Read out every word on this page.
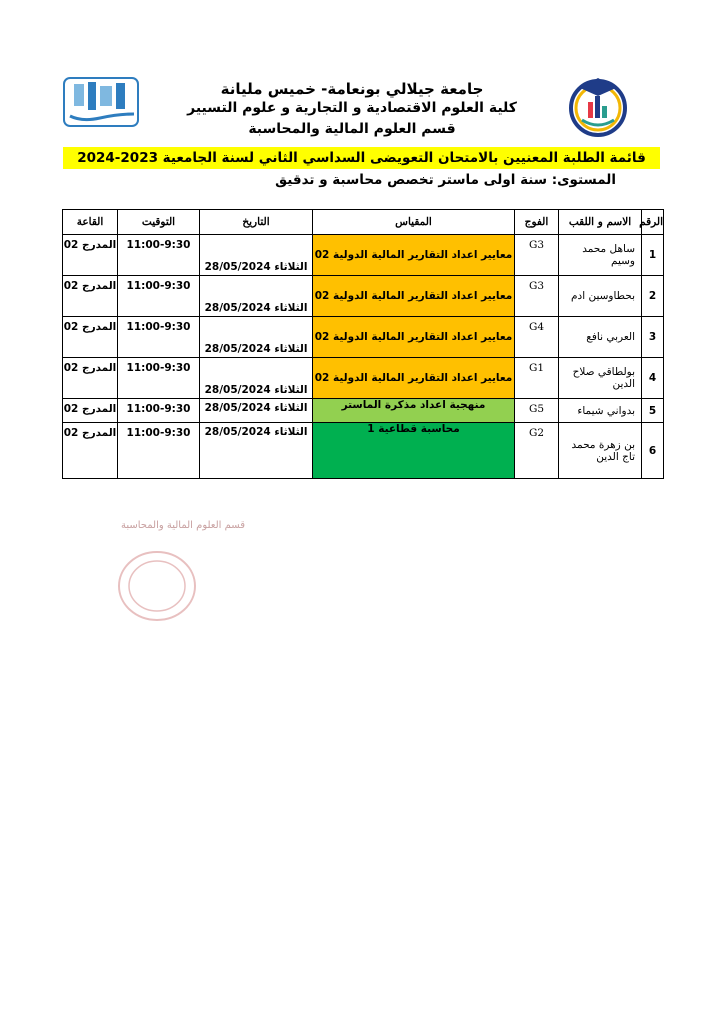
جامعة جيلالي بونعامة- خميس مليانة
كلية العلوم الاقتصادية و التجارية و علوم التسيير
قسم العلوم المالية والمحاسبة
قائمة الطلبة المعنيين بالامتحان التعويضى السداسي الثاني لسنة الجامعية 2023-2024
المستوى: سنة اولى ماستر تخصص محاسبة و تدقيق
الرقم	الاسم و اللقب	الفوج	المقياس	التاريخ	التوقيت	القاعة
1	ساهل محمد وسيم	G3	معايير اعداد التقارير المالية الدولية 02	الثلاثاء 28/05/2024	11:00-9:30	المدرج 02
2	بحطاوسين ادم	G3	معايير اعداد التقارير المالية الدولية 02	الثلاثاء 28/05/2024	11:00-9:30	المدرج 02
3	العربي نافع	G4	معايير اعداد التقارير المالية الدولية 02	الثلاثاء 28/05/2024	11:00-9:30	المدرج 02
4	بولطاقي صلاح الدين	G1	معايير اعداد التقارير المالية الدولية 02	الثلاثاء 28/05/2024	11:00-9:30	المدرج 02
5	بدواني شيماء	G5	منهجية اعداد مذكرة الماستر	الثلاثاء 28/05/2024	11:00-9:30	المدرج 02
6	بن زهرة محمد تاج الدين	G2	محاسبة قطاعية 1	الثلاثاء 28/05/2024	11:00-9:30	المدرج 02
قسم العلوم المالية والمحاسبة
